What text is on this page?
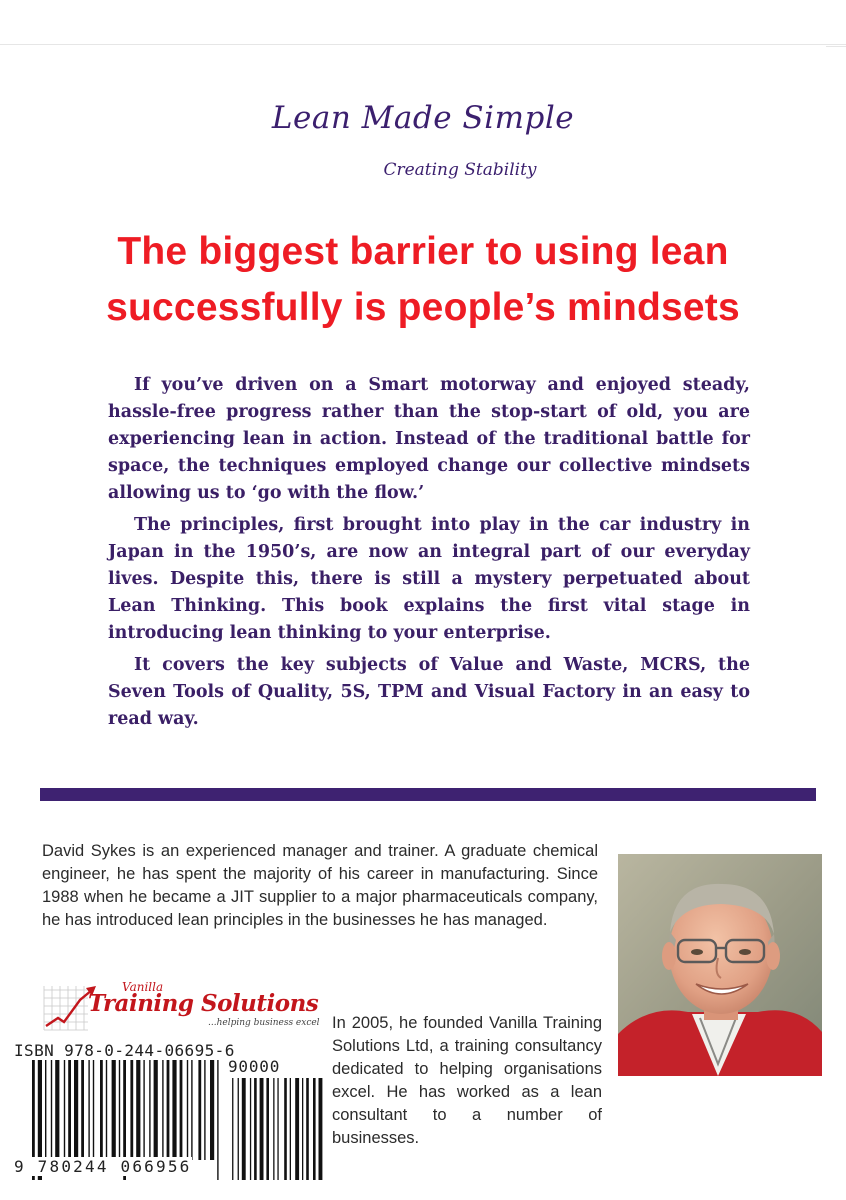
Lean Made Simple
Creating Stability
The biggest barrier to using lean
successfully is people’s mindsets

If you’ve driven on a Smart motorway and enjoyed steady, hassle-free progress rather than the stop-start of old, you are experiencing lean in action. Instead of the traditional battle for space, the techniques employed change our collective mindsets allowing us to ‘go with the flow.’

The principles, first brought into play in the car industry in Japan in the 1950’s, are now an integral part of our everyday lives. Despite this, there is still a mystery perpetuated about Lean Thinking. This book explains the first vital stage in introducing lean thinking to your enterprise.

It covers the key subjects of Value and Waste, MCRS, the Seven Tools of Quality, 5S, TPM and Visual Factory in an easy to read way.

David Sykes is an experienced manager and trainer. A graduate chemical engineer, he has spent the majority of his career in manufacturing. Since 1988 when he became a JIT supplier to a major pharmaceuticals company, he has introduced lean principles in the businesses he has managed.

Vanilla
Training Solutions
...helping business excel In 2005, he founded Vanilla Training Solutions Ltd, a training consultancy dedicated to helping organisations excel. He has worked as a lean consultant to a number of businesses.

ISBN 978-0-244-06695-6
90000
9 780244 066956
